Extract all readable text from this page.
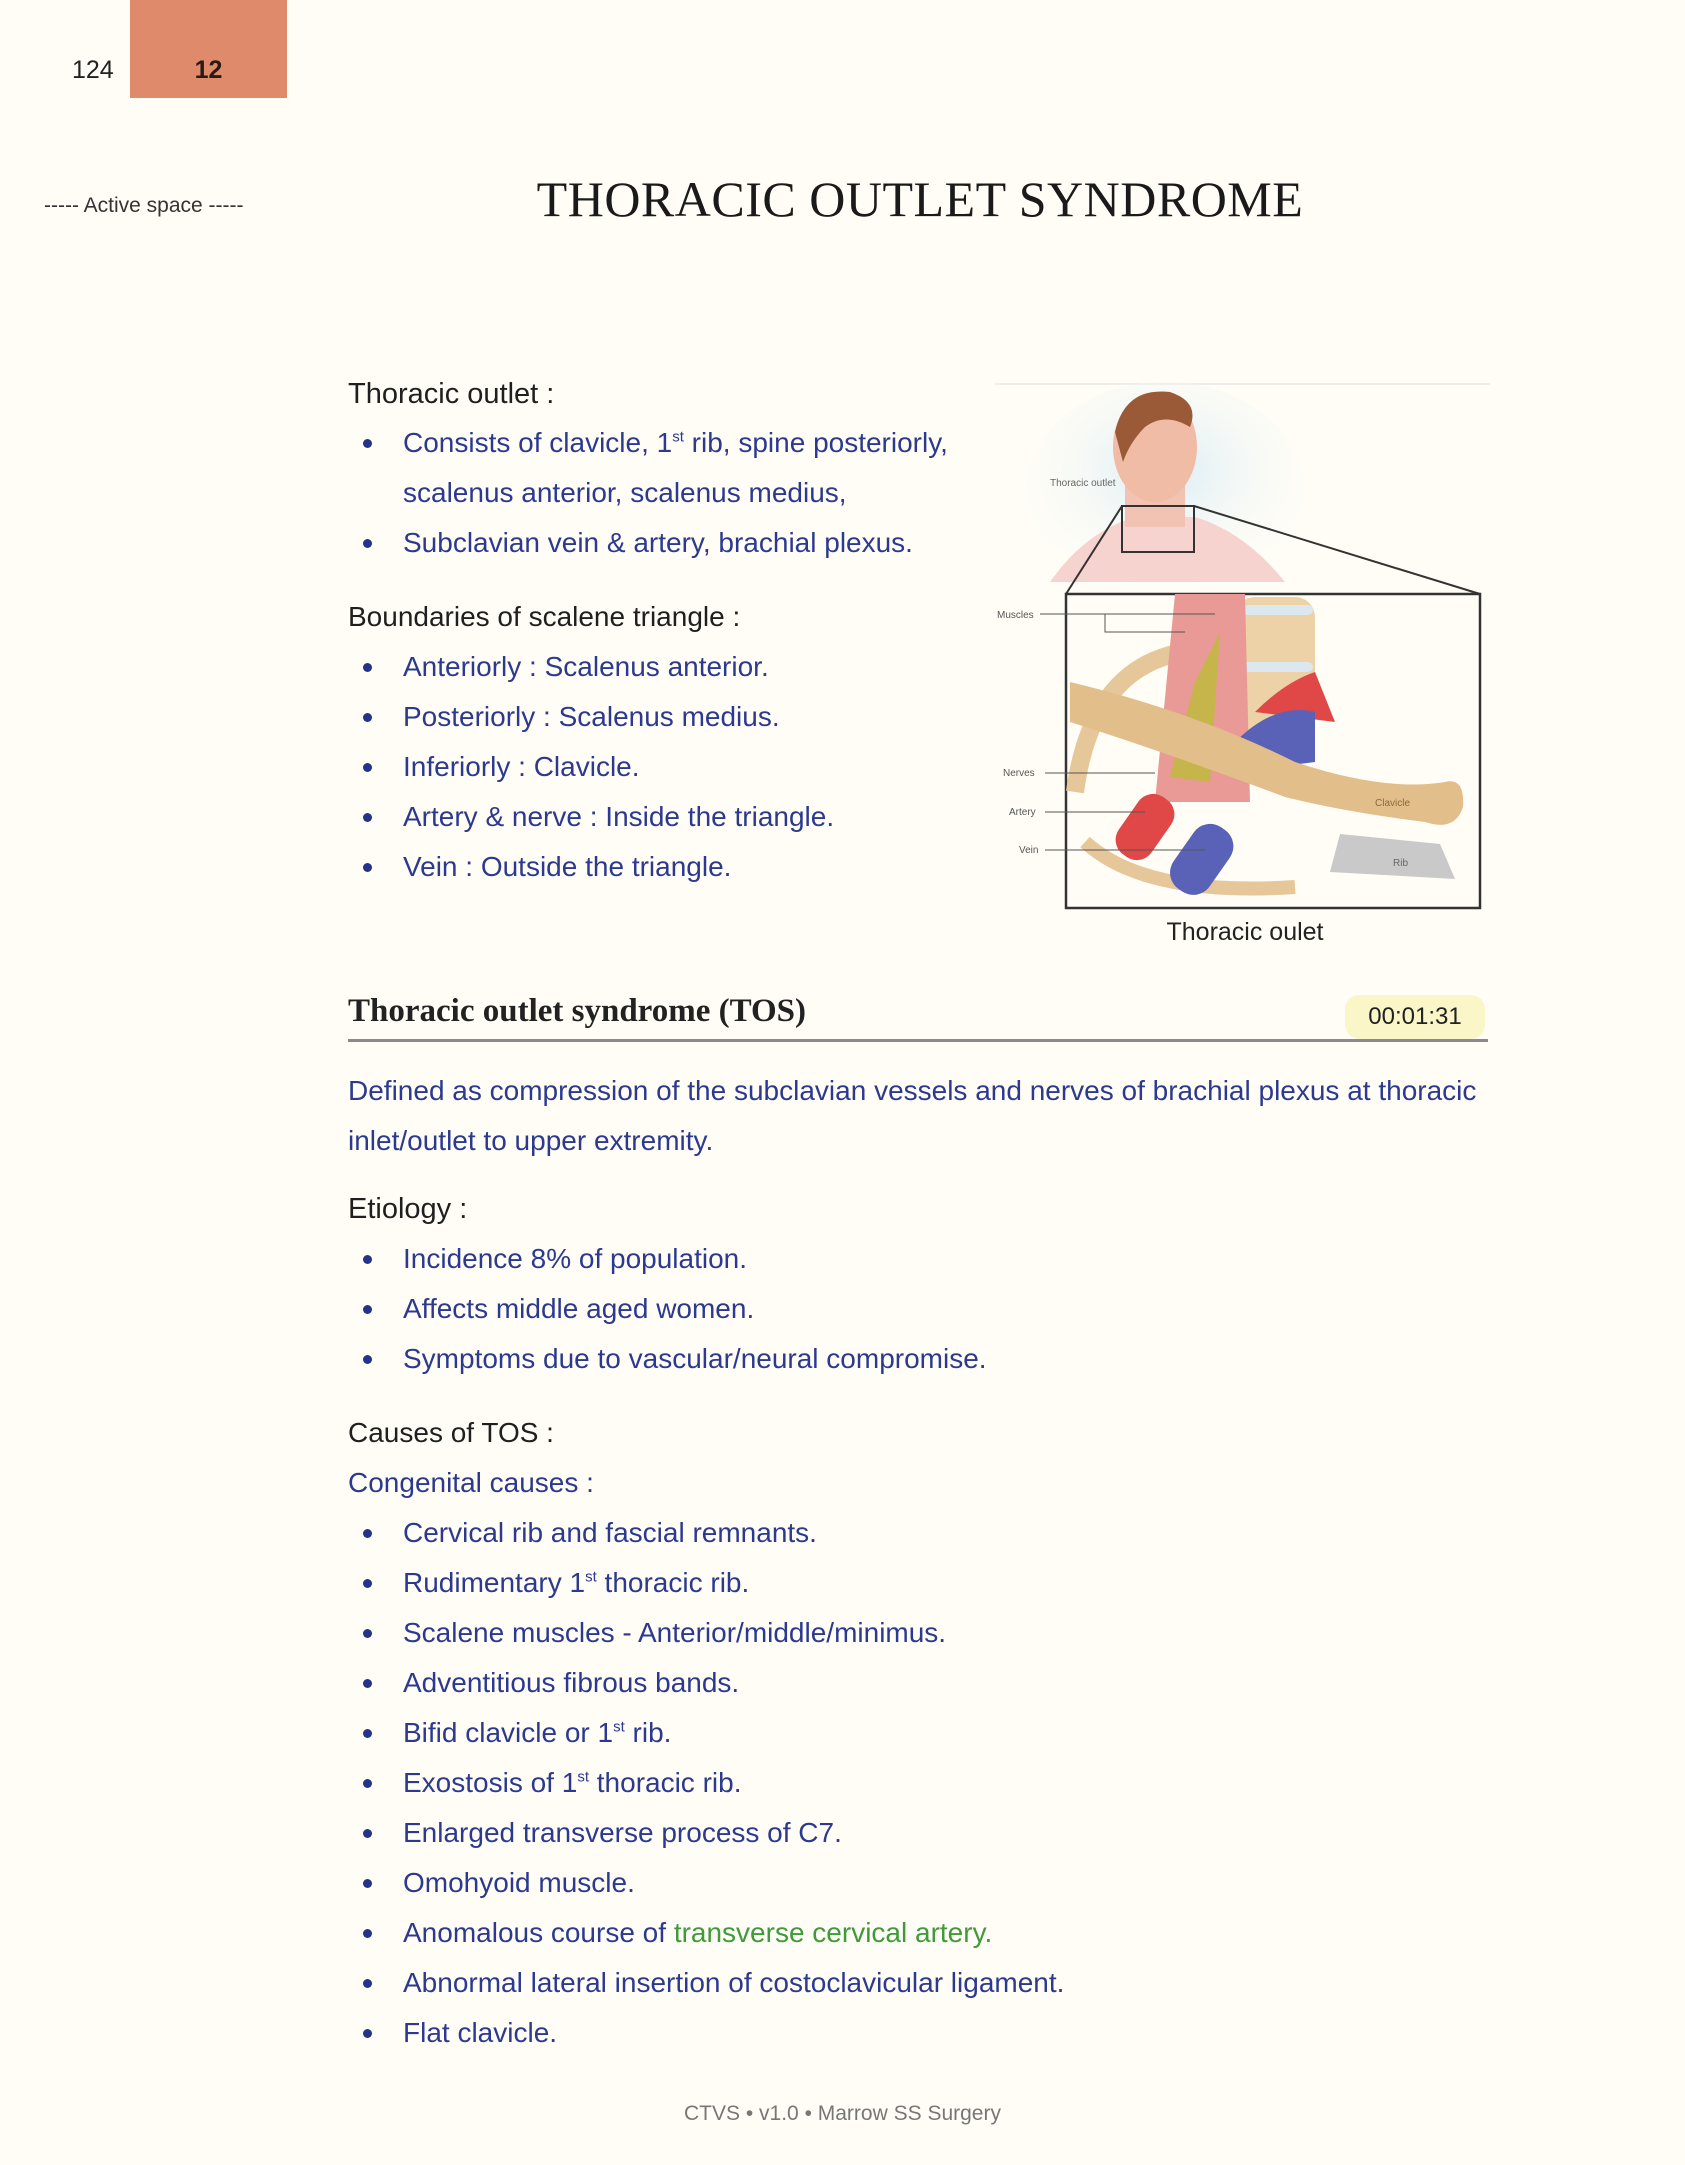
124	12
----- Active space -----	THORACIC OUTLET SYNDROME
Thoracic outlet :
Consists of clavicle, 1st rib, spine posteriorly,
scalenus anterior, scalenus medius,
Subclavian vein & artery, brachial plexus.
Boundaries of scalene triangle :
Anteriorly : Scalenus anterior.
Posteriorly : Scalenus medius.
Inferiorly : Clavicle.
Artery & nerve : Inside the triangle.
Vein : Outside the triangle.
Thoracic outlet
Clavicle
Rib
Muscles
Nerves
Artery
Vein
Thoracic oulet
Thoracic outlet syndrome (TOS)	00:01:31
Defined as compression of the subclavian vessels and nerves of brachial plexus at thoracic inlet/outlet to upper extremity.
Etiology :
Incidence 8% of population.
Affects middle aged women.
Symptoms due to vascular/neural compromise.
Causes of TOS :
Congenital causes :
Cervical rib and fascial remnants.
Rudimentary 1st thoracic rib.
Scalene muscles - Anterior/middle/minimus.
Adventitious fibrous bands.
Bifid clavicle or 1st rib.
Exostosis of 1st thoracic rib.
Enlarged transverse process of C7.
Omohyoid muscle.
Anomalous course of transverse cervical artery.
Abnormal lateral insertion of costoclavicular ligament.
Flat clavicle.
CTVS • v1.0 • Marrow SS Surgery
